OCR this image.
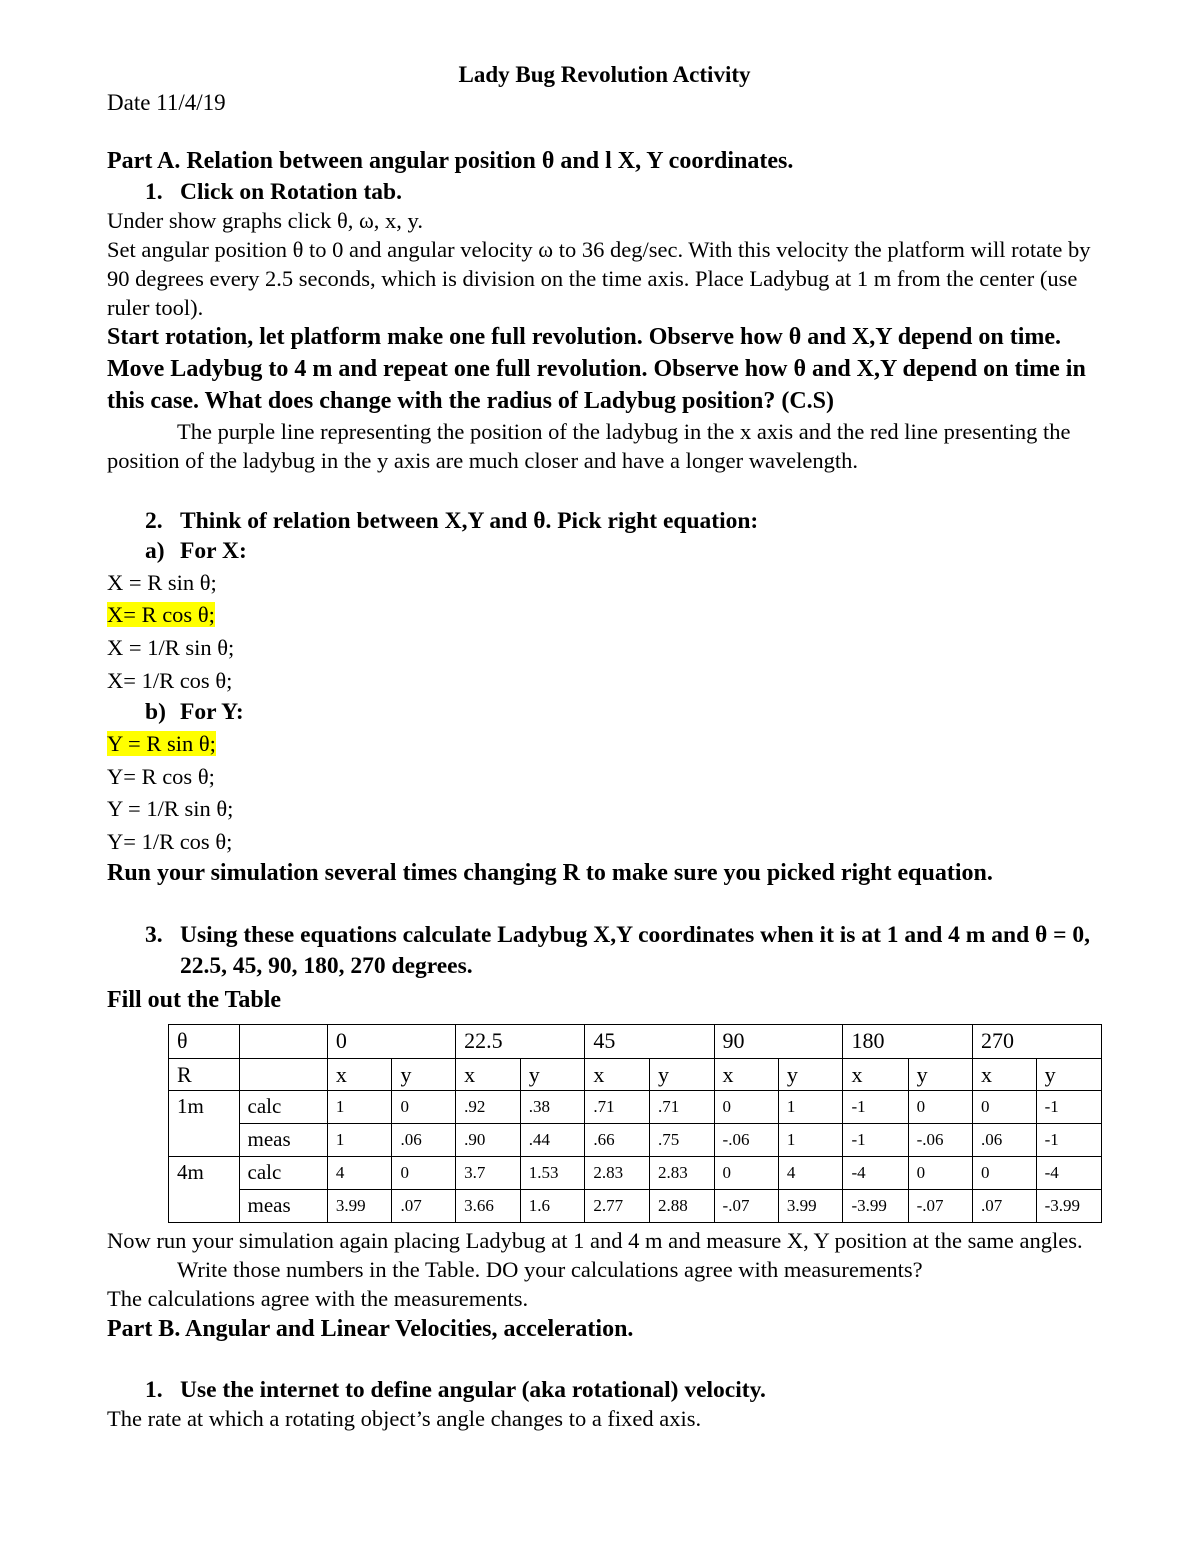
Lady Bug Revolution Activity

Date 11/4/19

Part A. Relation between angular position θ and l X, Y coordinates.

1. Click on Rotation tab.

Under show graphs click θ, ω, x, y.

Set angular position θ to 0 and angular velocity ω to 36 deg/sec. With this velocity the platform will rotate by 90 degrees every 2.5 seconds, which is division on the time axis. Place Ladybug at 1 m from the center (use ruler tool).

Start rotation, let platform make one full revolution. Observe how θ and X,Y depend on time. Move Ladybug to 4 m and repeat one full revolution. Observe how θ and X,Y depend on time in this case. What does change with the radius of Ladybug position? (C.S)

The purple line representing the position of the ladybug in the x axis and the red line presenting the position of the ladybug in the y axis are much closer and have a longer wavelength.

2. Think of relation between X,Y and θ. Pick right equation:
a) For X:

X = R sin θ;

X= R cos θ;

X = 1/R sin θ;

X= 1/R cos θ;

b) For Y:

Y = R sin θ;

Y= R cos θ;

Y = 1/R sin θ;

Y= 1/R cos θ;

Run your simulation several times changing R to make sure you picked right equation.

3. Using these equations calculate Ladybug X,Y coordinates when it is at 1 and 4 m and θ = 0, 22.5, 45, 90, 180, 270 degrees.

Fill out the Table

θ		0		22.5		45		90		180		270	
R		x	y	x	y	x	y	x	y	x	y	x	y
1m	calc	1	0	.92	.38	.71	.71	0	1	-1	0	0	-1
	meas	1	.06	.90	.44	.66	.75	-.06	1	-1	-.06	.06	-1
4m	calc	4	0	3.7	1.53	2.83	2.83	0	4	-4	0	0	-4
	meas	3.99	.07	3.66	1.6	2.77	2.88	-.07	3.99	-3.99	-.07	.07	-3.99

Now run your simulation again placing Ladybug at 1 and 4 m and measure X, Y position at the same angles.

Write those numbers in the Table. DO your calculations agree with measurements?

The calculations agree with the measurements.

Part B. Angular and Linear Velocities, acceleration.

1. Use the internet to define angular (aka rotational) velocity.

The rate at which a rotating object’s angle changes to a fixed axis.
